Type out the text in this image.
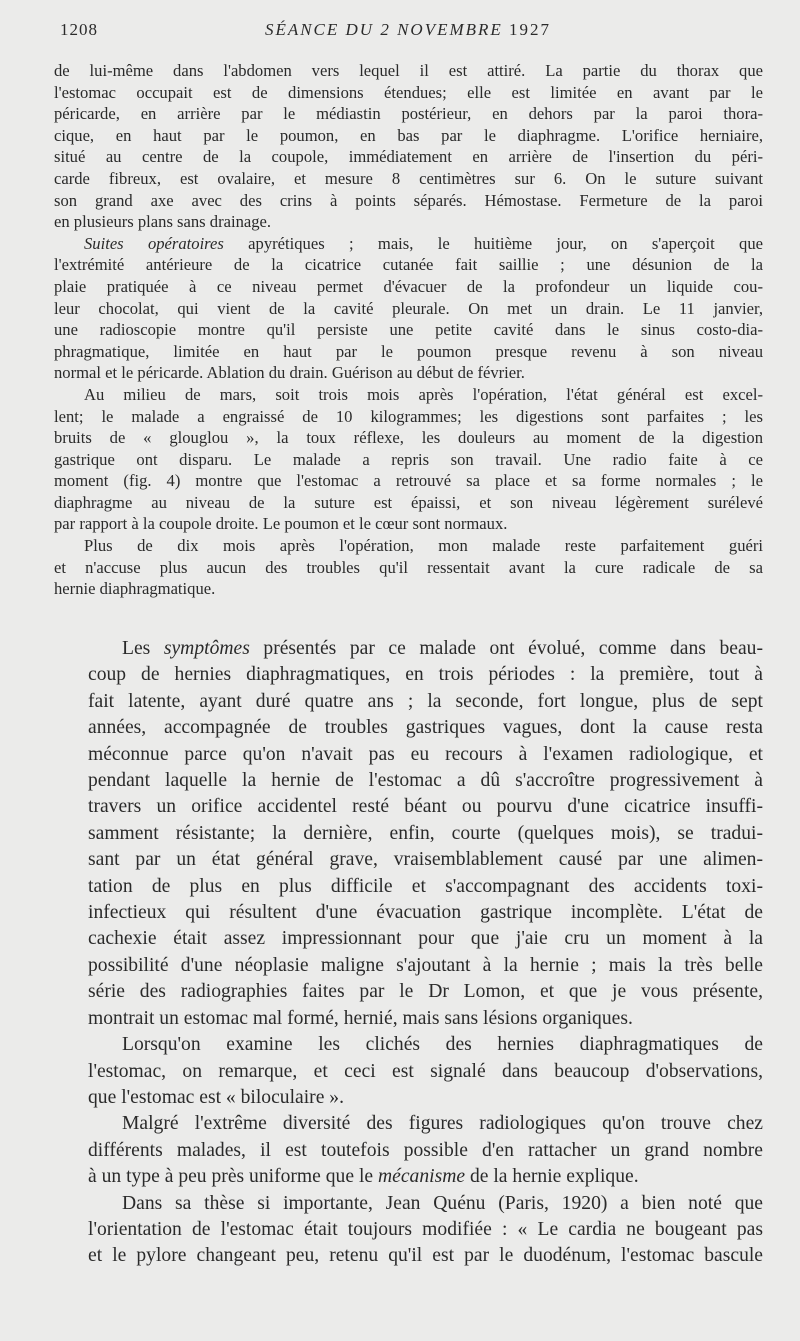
1208	SÉANCE DU 2 NOVEMBRE 1927

de lui-même dans l'abdomen vers lequel il est attiré. La partie du thorax que
l'estomac occupait est de dimensions étendues; elle est limitée en avant par le
péricarde, en arrière par le médiastin postérieur, en dehors par la paroi thora-
cique, en haut par le poumon, en bas par le diaphragme. L'orifice herniaire,
situé au centre de la coupole, immédiatement en arrière de l'insertion du péri-
carde fibreux, est ovalaire, et mesure 8 centimètres sur 6. On le suture suivant
son grand axe avec des crins à points séparés. Hémostase. Fermeture de la paroi
en plusieurs plans sans drainage.

Suites opératoires apyrétiques ; mais, le huitième jour, on s'aperçoit que
l'extrémité antérieure de la cicatrice cutanée fait saillie ; une désunion de la
plaie pratiquée à ce niveau permet d'évacuer de la profondeur un liquide cou-
leur chocolat, qui vient de la cavité pleurale. On met un drain. Le 11 janvier,
une radioscopie montre qu'il persiste une petite cavité dans le sinus costo-dia-
phragmatique, limitée en haut par le poumon presque revenu à son niveau
normal et le péricarde. Ablation du drain. Guérison au début de février.

Au milieu de mars, soit trois mois après l'opération, l'état général est excel-
lent; le malade a engraissé de 10 kilogrammes; les digestions sont parfaites ; les
bruits de « glouglou », la toux réflexe, les douleurs au moment de la digestion
gastrique ont disparu. Le malade a repris son travail. Une radio faite à ce
moment (fig. 4) montre que l'estomac a retrouvé sa place et sa forme normales ; le
diaphragme au niveau de la suture est épaissi, et son niveau légèrement surélevé
par rapport à la coupole droite. Le poumon et le cœur sont normaux.

Plus de dix mois après l'opération, mon malade reste parfaitement guéri
et n'accuse plus aucun des troubles qu'il ressentait avant la cure radicale de sa
hernie diaphragmatique.

Les symptômes présentés par ce malade ont évolué, comme dans beau-
coup de hernies diaphragmatiques, en trois périodes : la première, tout à
fait latente, ayant duré quatre ans ; la seconde, fort longue, plus de sept
années, accompagnée de troubles gastriques vagues, dont la cause resta
méconnue parce qu'on n'avait pas eu recours à l'examen radiologique, et
pendant laquelle la hernie de l'estomac a dû s'accroître progressivement à
travers un orifice accidentel resté béant ou pourvu d'une cicatrice insuffi-
samment résistante; la dernière, enfin, courte (quelques mois), se tradui-
sant par un état général grave, vraisemblablement causé par une alimen-
tation de plus en plus difficile et s'accompagnant des accidents toxi-
infectieux qui résultent d'une évacuation gastrique incomplète. L'état de
cachexie était assez impressionnant pour que j'aie cru un moment à la
possibilité d'une néoplasie maligne s'ajoutant à la hernie ; mais la très belle
série des radiographies faites par le Dr Lomon, et que je vous présente,
montrait un estomac mal formé, hernié, mais sans lésions organiques.

Lorsqu'on examine les clichés des hernies diaphragmatiques de
l'estomac, on remarque, et ceci est signalé dans beaucoup d'observations,
que l'estomac est « biloculaire ».

Malgré l'extrême diversité des figures radiologiques qu'on trouve chez
différents malades, il est toutefois possible d'en rattacher un grand nombre
à un type à peu près uniforme que le mécanisme de la hernie explique.

Dans sa thèse si importante, Jean Quénu (Paris, 1920) a bien noté que
l'orientation de l'estomac était toujours modifiée : « Le cardia ne bougeant pas
et le pylore changeant peu, retenu qu'il est par le duodénum, l'estomac bascule
